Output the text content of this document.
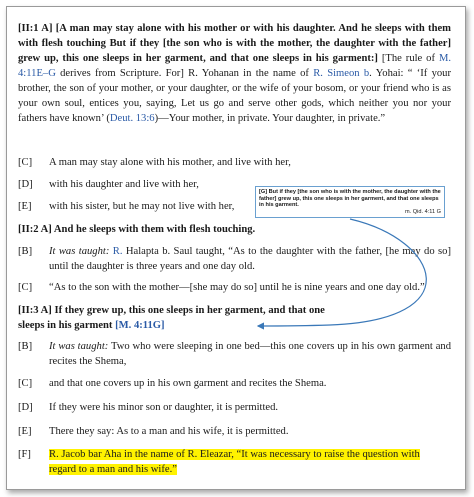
[II:1 A] [A man may stay alone with his mother or with his daughter. And he sleeps with them with flesh touching But if they [the son who is with the mother, the daughter with the father] grew up, this one sleeps in her garment, and that one sleeps in his garment:] [The rule of M. 4:11E–G derives from Scripture. For] R. Yohanan in the name of R. Simeon b. Yohai: “ ‘If your brother, the son of your mother, or your daughter, or the wife of your bosom, or your friend who is as your own soul, entices you, saying, Let us go and serve other gods, which neither you nor your fathers have known’ (Deut. 13:6)—Your mother, in private. Your daughter, in private.”
[C]	A man may stay alone with his mother, and live with her,
[D]	with his daughter and live with her,
[E]	with his sister, but he may not live with her,
[G] But if they [the son who is with the mother, the daughter with the father] grew up, this one sleeps in her garment, and that one sleeps in his garment.
m. Qid. 4:11 G
[II:2 A] And he sleeps with them with flesh touching.
[B]	It was taught: R. Halapta b. Saul taught, “As to the daughter with the father, [he may do so] until the daughter is three years and one day old.
[C]	“As to the son with the mother—[she may do so] until he is nine years and one day old.”
[II:3 A] If they grew up, this one sleeps in her garment, and that one sleeps in his garment [M. 4:11G]
[B]	It was taught: Two who were sleeping in one bed—this one covers up in his own garment and recites the Shema,
[C]	and that one covers up in his own garment and recites the Shema.
[D]	If they were his minor son or daughter, it is permitted.
[E]	There they say: As to a man and his wife, it is permitted.
[F]	R. Jacob bar Aha in the name of R. Eleazar, “It was necessary to raise the question with regard to a man and his wife.”
